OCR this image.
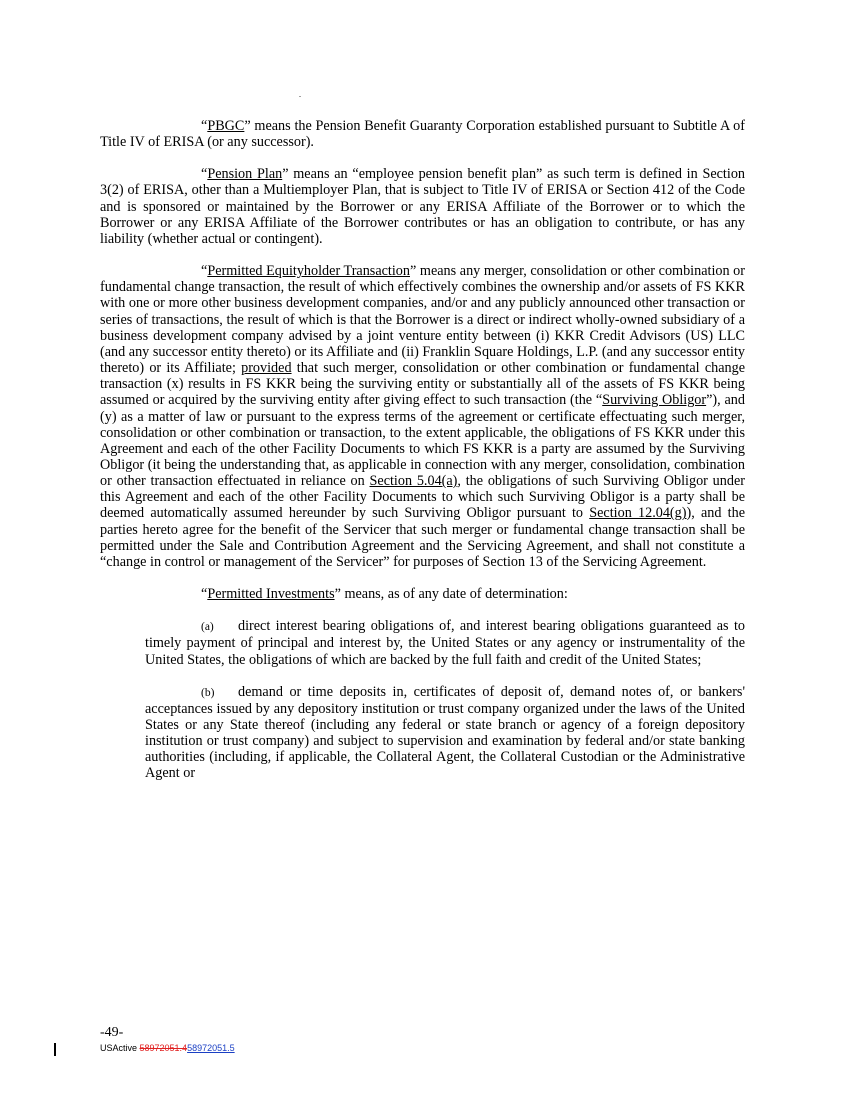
.

“PBGC” means the Pension Benefit Guaranty Corporation established pursuant to Subtitle A of Title IV of ERISA (or any successor).

“Pension Plan” means an “employee pension benefit plan” as such term is defined in Section 3(2) of ERISA, other than a Multiemployer Plan, that is subject to Title IV of ERISA or Section 412 of the Code and is sponsored or maintained by the Borrower or any ERISA Affiliate of the Borrower or to which the Borrower or any ERISA Affiliate of the Borrower contributes or has an obligation to contribute, or has any liability (whether actual or contingent).

“Permitted Equityholder Transaction” means any merger, consolidation or other combination or fundamental change transaction, the result of which effectively combines the ownership and/or assets of FS KKR with one or more other business development companies, and/or and any publicly announced other transaction or series of transactions, the result of which is that the Borrower is a direct or indirect wholly-owned subsidiary of a business development company advised by a joint venture entity between (i) KKR Credit Advisors (US) LLC (and any successor entity thereto) or its Affiliate and (ii) Franklin Square Holdings, L.P. (and any successor entity thereto) or its Affiliate; provided that such merger, consolidation or other combination or fundamental change transaction (x) results in FS KKR being the surviving entity or substantially all of the assets of FS KKR being assumed or acquired by the surviving entity after giving effect to such transaction (the “Surviving Obligor”), and (y) as a matter of law or pursuant to the express terms of the agreement or certificate effectuating such merger, consolidation or other combination or transaction, to the extent applicable, the obligations of FS KKR under this Agreement and each of the other Facility Documents to which FS KKR is a party are assumed by the Surviving Obligor (it being the understanding that, as applicable in connection with any merger, consolidation, combination or other transaction effectuated in reliance on Section 5.04(a), the obligations of such Surviving Obligor under this Agreement and each of the other Facility Documents to which such Surviving Obligor is a party shall be deemed automatically assumed hereunder by such Surviving Obligor pursuant to Section 12.04(g)), and the parties hereto agree for the benefit of the Servicer that such merger or fundamental change transaction shall be permitted under the Sale and Contribution Agreement and the Servicing Agreement, and shall not constitute a “change in control or management of the Servicer” for purposes of Section 13 of the Servicing Agreement.

“Permitted Investments” means, as of any date of determination:

(a) direct interest bearing obligations of, and interest bearing obligations guaranteed as to timely payment of principal and interest by, the United States or any agency or instrumentality of the United States, the obligations of which are backed by the full faith and credit of the United States;

(b) demand or time deposits in, certificates of deposit of, demand notes of, or bankers' acceptances issued by any depository institution or trust company organized under the laws of the United States or any State thereof (including any federal or state branch or agency of a foreign depository institution or trust company) and subject to supervision and examination by federal and/or state banking authorities (including, if applicable, the Collateral Agent, the Collateral Custodian or the Administrative Agent or

-49-
USActive 58972051.458972051.5
